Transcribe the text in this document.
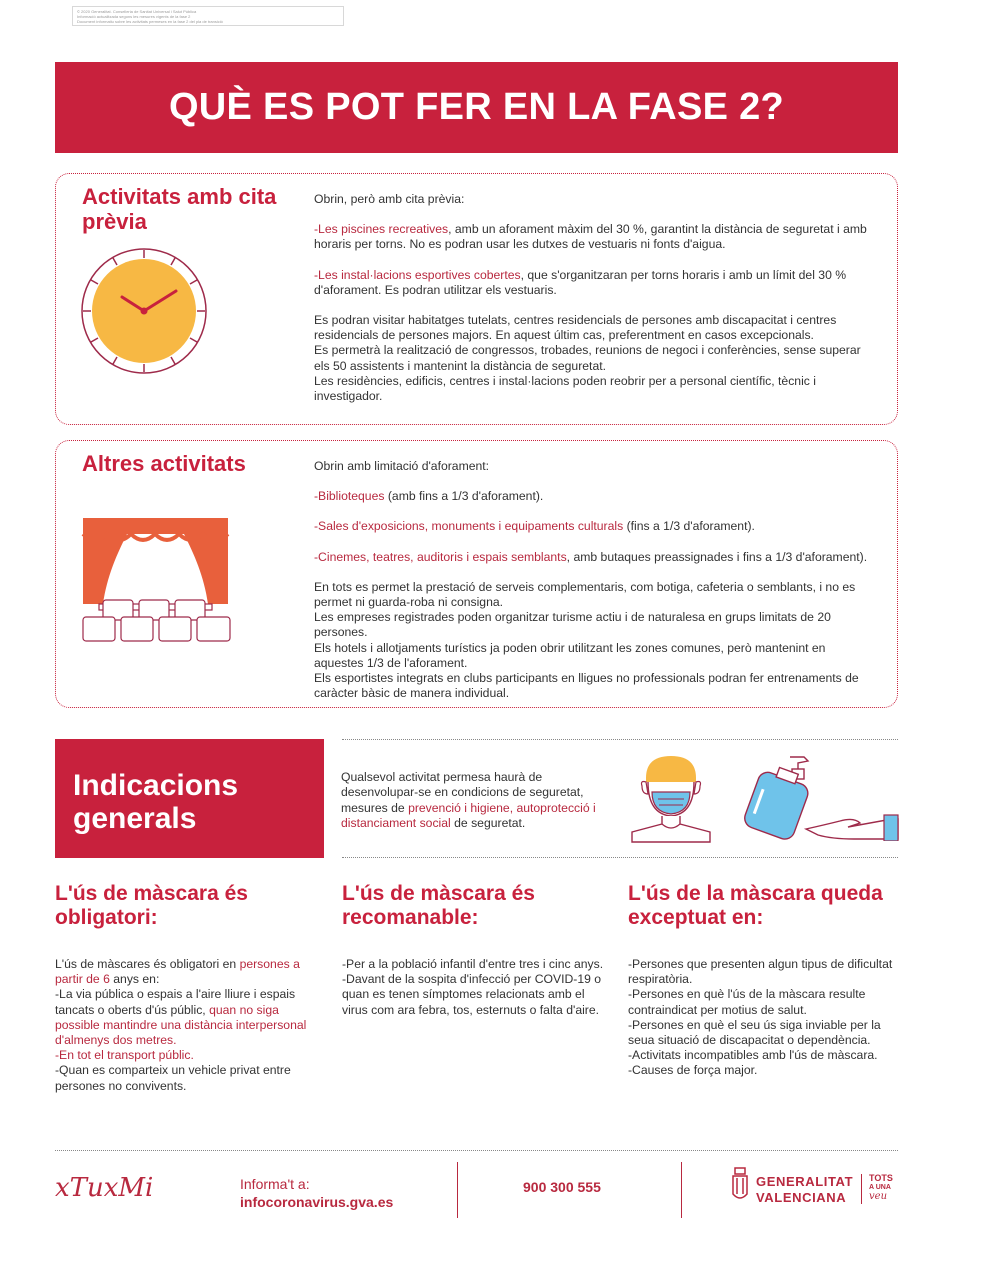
© 2020 Generalitat. Conselleria de Sanitat Universal i Salut Pública
Informació actualitzada segons les mesures vigents de la fase 2
Document informatiu sobre les activitats permeses en la fase 2 del pla de transició
QUÈ ES POT FER EN LA FASE 2?
Activitats amb cita prèvia

Obrin, però amb cita prèvia:

-Les piscines recreatives, amb un aforament màxim del 30 %, garantint la distància de seguretat i amb horaris per torns. No es podran usar les dutxes de vestuaris ni fonts d'aigua.

-Les instal·lacions esportives cobertes, que s'organitzaran per torns horaris i amb un límit del 30 % d'aforament. Es podran utilitzar els vestuaris.

Es podran visitar habitatges tutelats, centres residencials de persones amb discapacitat i centres residencials de persones majors. En aquest últim cas, preferentment en casos excepcionals.

Es permetrà la realització de congressos, trobades, reunions de negoci i conferències, sense superar els 50 assistents i mantenint la distància de seguretat.

Les residències, edificis, centres i instal·lacions poden reobrir per a personal científic, tècnic i investigador.

Altres activitats	Obrin amb limitació d'aforament:

-Biblioteques (amb fins a 1/3 d'aforament).

-Sales d'exposicions, monuments i equipaments culturals (fins a 1/3 d'aforament).

-Cinemes, teatres, auditoris i espais semblants, amb butaques preassignades i fins a 1/3 d'aforament).

En tots es permet la prestació de serveis complementaris, com botiga, cafeteria o semblants, i no es permet ni guarda-roba ni consigna.

Les empreses registrades poden organitzar turisme actiu i de naturalesa en grups limitats de 20 persones.

Els hotels i allotjaments turístics ja poden obrir utilitzant les zones comunes, però mantenint en aquestes 1/3 de l'aforament.

Els esportistes integrats en clubs participants en lligues no professionals podran fer entrenaments de caràcter bàsic de manera individual.

Indicacions generals
Qualsevol activitat permesa haurà de desenvolupar-se en condicions de seguretat, mesures de prevenció i higiene, autoprotecció i distanciament social de seguretat.
L'ús de màscara és obligatori:

L'ús de màscares és obligatori en persones a partir de 6 anys en:

-La via pública o espais a l'aire lliure i espais tancats o oberts d'ús públic, quan no siga possible mantindre una distància interpersonal d'almenys dos metres.

-En tot el transport públic.

-Quan es comparteix un vehicle privat entre persones no convivents.

L'ús de màscara és recomanable:

-Per a la població infantil d'entre tres i cinc anys.

-Davant de la sospita d'infecció per COVID-19 o quan es tenen símptomes relacionats amb el virus com ara febra, tos, esternuts o falta d'aire.

L'ús de la màscara queda exceptuat en:

-Persones que presenten algun tipus de dificultat respiratòria.

-Persones en què l'ús de la màscara resulte contraindicat per motius de salut.

-Persones en què el seu ús siga inviable per la seua situació de discapacitat o dependència.

-Activitats incompatibles amb l'ús de màscara.

-Causes de força major.

xTuxMi	Informa't a:
infocoronavirus.gva.es
900 300 555	GENERALITAT
VALENCIANA
TOTS
A UNA
veu
